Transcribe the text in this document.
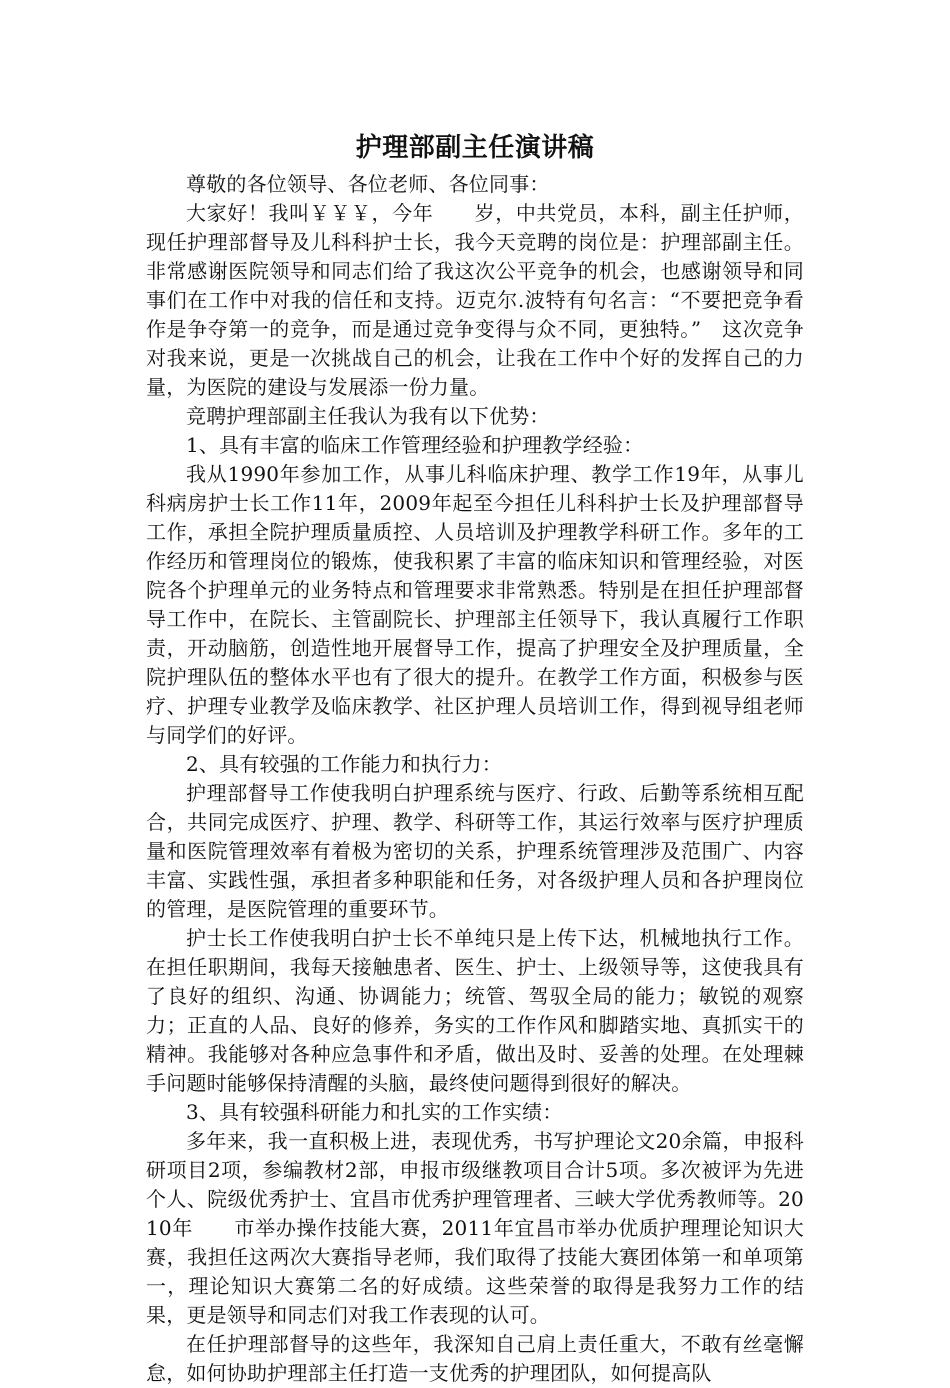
护理部副主任演讲稿

尊敬的各位领导、各位老师、各位同事：

大家好！我叫￥￥￥，今年　　岁，中共党员，本科，副主任护师，现任护理部督导及儿科科护士长，我今天竞聘的岗位是：护理部副主任。非常感谢医院领导和同志们给了我这次公平竞争的机会，也感谢领导和同事们在工作中对我的信任和支持。迈克尔.波特有句名言：“不要把竞争看作是争夺第一的竞争，而是通过竞争变得与众不同，更独特。”　这次竞争对我来说，更是一次挑战自己的机会，让我在工作中个好的发挥自己的力量，为医院的建设与发展添一份力量。

竞聘护理部副主任我认为我有以下优势：

1、具有丰富的临床工作管理经验和护理教学经验：

我从1990年参加工作，从事儿科临床护理、教学工作19年，从事儿科病房护士长工作11年，2009年起至今担任儿科科护士长及护理部督导工作，承担全院护理质量质控、人员培训及护理教学科研工作。多年的工作经历和管理岗位的锻炼，使我积累了丰富的临床知识和管理经验，对医院各个护理单元的业务特点和管理要求非常熟悉。特别是在担任护理部督导工作中，在院长、主管副院长、护理部主任领导下，我认真履行工作职责，开动脑筋，创造性地开展督导工作，提高了护理安全及护理质量，全院护理队伍的整体水平也有了很大的提升。在教学工作方面，积极参与医疗、护理专业教学及临床教学、社区护理人员培训工作，得到视导组老师与同学们的好评。

2、具有较强的工作能力和执行力：

护理部督导工作使我明白护理系统与医疗、行政、后勤等系统相互配合，共同完成医疗、护理、教学、科研等工作，其运行效率与医疗护理质量和医院管理效率有着极为密切的关系，护理系统管理涉及范围广、内容丰富、实践性强，承担者多种职能和任务，对各级护理人员和各护理岗位的管理，是医院管理的重要环节。

护士长工作使我明白护士长不单纯只是上传下达，机械地执行工作。在担任职期间，我每天接触患者、医生、护士、上级领导等，这使我具有了良好的组织、沟通、协调能力；统管、驾驭全局的能力；敏锐的观察力；正直的人品、良好的修养，务实的工作作风和脚踏实地、真抓实干的精神。我能够对各种应急事件和矛盾，做出及时、妥善的处理。在处理棘手问题时能够保持清醒的头脑，最终使问题得到很好的解决。

3、具有较强科研能力和扎实的工作实绩：

多年来，我一直积极上进，表现优秀，书写护理论文20余篇，申报科研项目2项，参编教材2部，申报市级继教项目合计5项。多次被评为先进个人、院级优秀护士、宜昌市优秀护理管理者、三峡大学优秀教师等。2010年　　市举办操作技能大赛，2011年宜昌市举办优质护理理论知识大赛，我担任这两次大赛指导老师，我们取得了技能大赛团体第一和单项第一，理论知识大赛第二名的好成绩。这些荣誉的取得是我努力工作的结果，更是领导和同志们对我工作表现的认可。

在任护理部督导的这些年，我深知自己肩上责任重大，不敢有丝毫懈怠，如何协助护理部主任打造一支优秀的护理团队，如何提高队
